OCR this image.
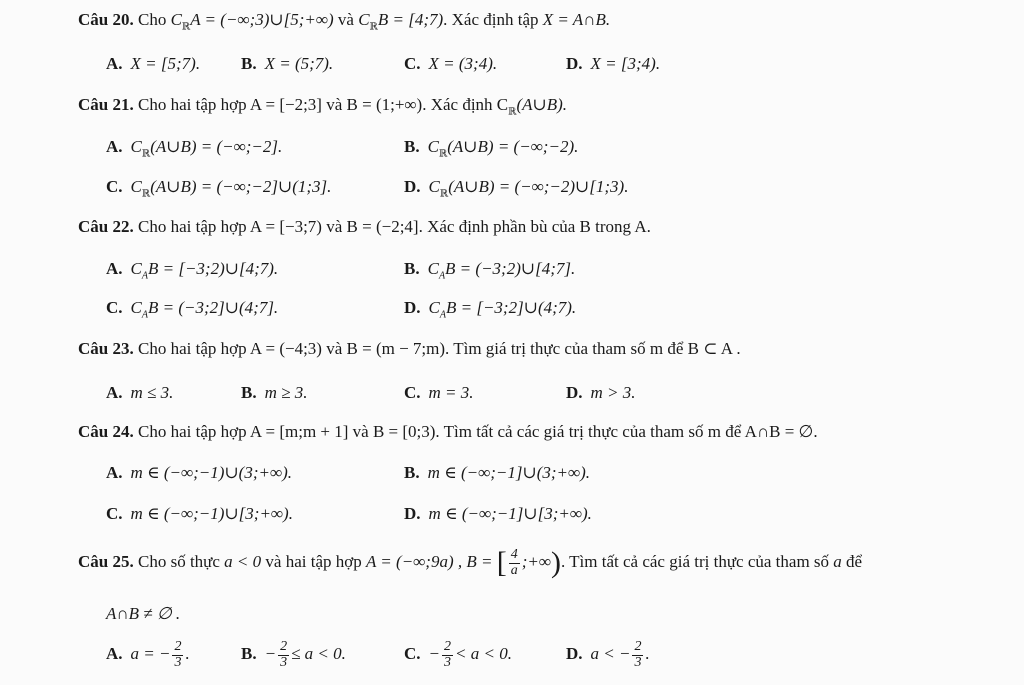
Câu 20. Cho $C_ℝA$ = (−∞;3)∪[5;+∞) và $C_ℝB$ = [4;7). Xác định tập X = A∩B.
A. X = [5;7). B. X = (5;7).	C. X = (3;4).	D. X = [3;4).
Câu 21. Cho hai tập hợp A = [−2;3] và B = (1;+∞). Xác định $C_ℝ(A\cup B)$.
A. $C_ℝ(A\cup B)$ = (−∞;−2].	B. $C_ℝ(A\cup B)$ = (−∞;−2).
C. $C_ℝ(A\cup B)$ = (−∞;−2]∪(1;3].	D. $C_ℝ(A\cup B)$ = (−∞;−2)∪[1;3).
Câu 22. Cho hai tập hợp A = [−3;7) và B = (−2;4]. Xác định phần bù của B trong A.
A. $C_AB$ = [−3;2)∪[4;7).	B. $C_AB$ = (−3;2)∪[4;7].
C. $C_AB$ = (−3;2]∪(4;7].	D. $C_AB$ = [−3;2]∪(4;7).
Câu 23. Cho hai tập hợp A = (−4;3) và B = (m − 7;m). Tìm giá trị thực của tham số m để B ⊂ A .
A. m ≤ 3.	B. m ≥ 3.	C. m = 3.	D. m > 3.
Câu 24. Cho hai tập hợp A = [m;m + 1] và B = [0;3). Tìm tất cả các giá trị thực của tham số m để A∩B = ∅.
A. m ∈ (−∞;−1)∪(3;+∞).	B. m ∈ (−∞;−1]∪(3;+∞).
C. m ∈ (−∞;−1)∪[3;+∞).	D. m ∈ (−∞;−1]∪[3;+∞).
Câu 25. Cho số thực a < 0 và hai tập hợp A = (−∞;9a) , B = [ $\frac{4}{a}$ ;+∞). Tìm tất cả các giá trị thực của tham số a để
A∩B ≠ ∅ .
A. a = − $\frac{2}{3}$ .	B. − $\frac{2}{3} \le a < 0$.	C. − $\frac{2}{3} < a < 0$.	D. a < − $\frac{2}{3}$ .
